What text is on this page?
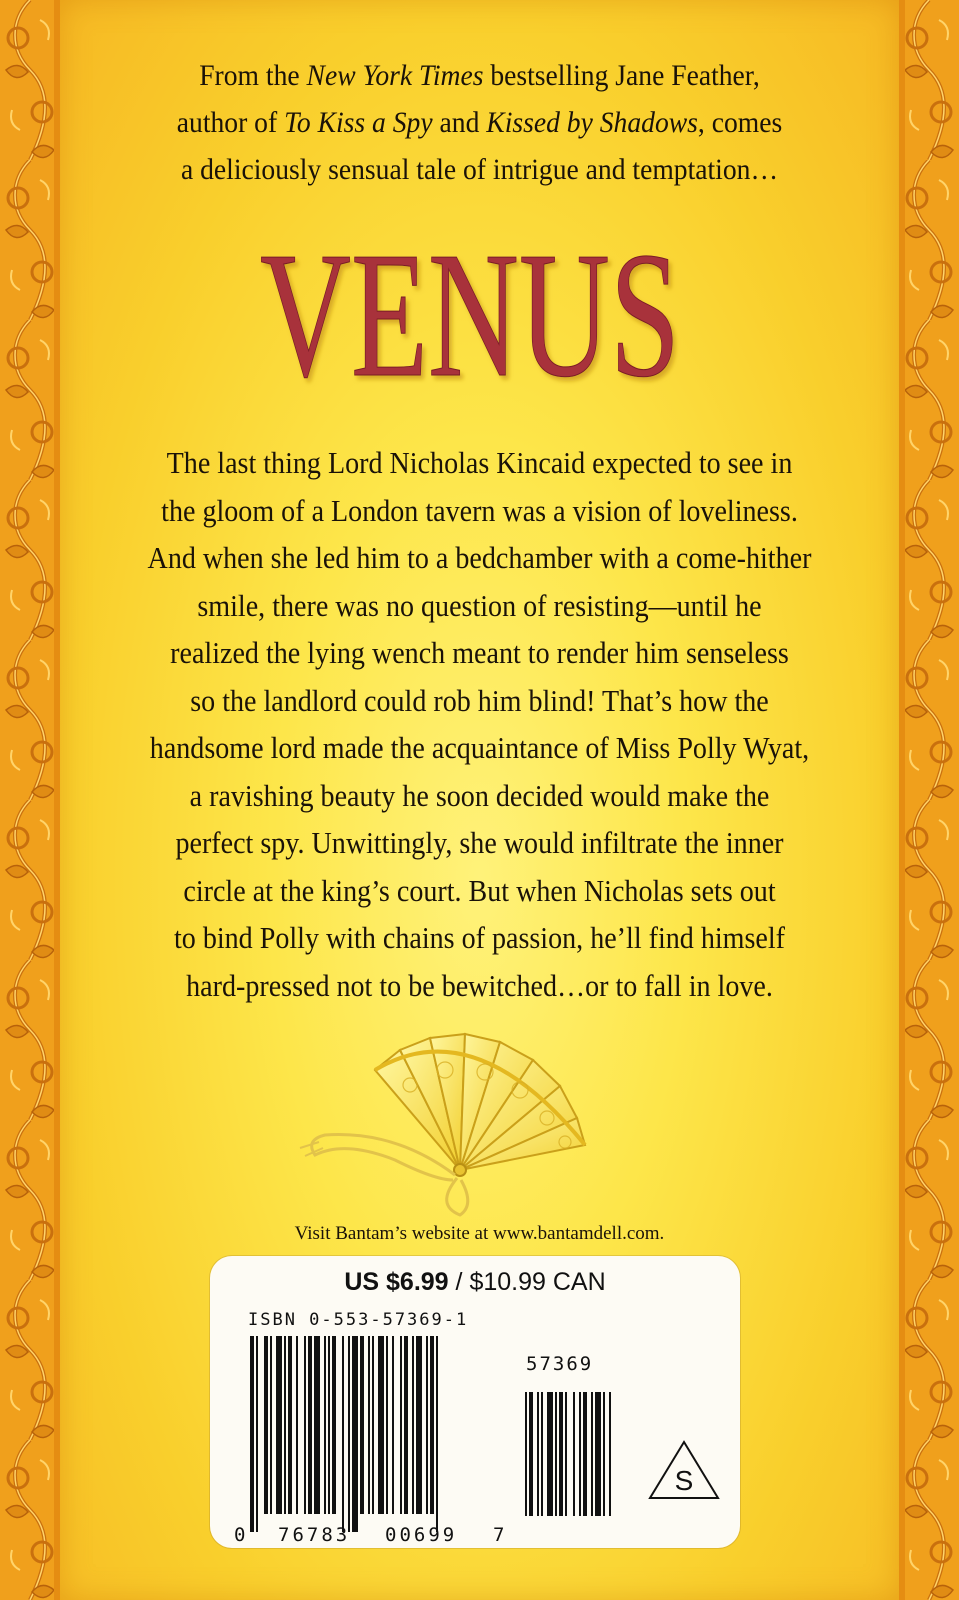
From the New York Times bestselling Jane Feather,
author of To Kiss a Spy and Kissed by Shadows, comes
a deliciously sensual tale of intrigue and temptation…
VENUS
The last thing Lord Nicholas Kincaid expected to see in
the gloom of a London tavern was a vision of loveliness.
And when she led him to a bedchamber with a come-hither
smile, there was no question of resisting—until he
realized the lying wench meant to render him senseless
so the landlord could rob him blind! That’s how the
handsome lord made the acquaintance of Miss Polly Wyat,
a ravishing beauty he soon decided would make the
perfect spy. Unwittingly, she would infiltrate the inner
circle at the king’s court. But when Nicholas sets out
to bind Polly with chains of passion, he’ll find himself
hard-pressed not to be bewitched…or to fall in love.
Visit Bantam’s website at www.bantamdell.com.
US $6.99 / $10.99 CAN
ISBN 0-553-57369-1
57369
0 76783 00699 7
S
